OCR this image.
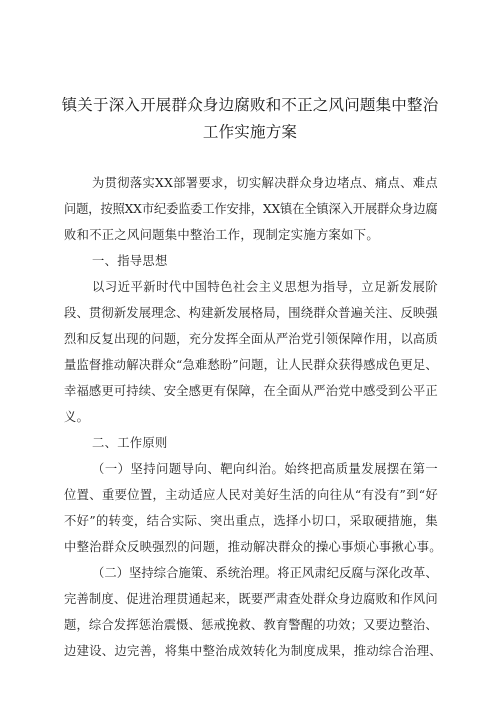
镇关于深入开展群众身边腐败和不正之风问题集中整治
工作实施方案
为贯彻落实XX部署要求，切实解决群众身边堵点、痛点、难点
问题，按照XX市纪委监委工作安排，XX镇在全镇深入开展群众身边腐
败和不正之风问题集中整治工作，现制定实施方案如下。
一、指导思想
以习近平新时代中国特色社会主义思想为指导，立足新发展阶
段、贯彻新发展理念、构建新发展格局，围绕群众普遍关注、反映强
烈和反复出现的问题，充分发挥全面从严治党引领保障作用，以高质
量监督推动解决群众“急难愁盼”问题，让人民群众获得感成色更足、
幸福感更可持续、安全感更有保障，在全面从严治党中感受到公平正
义。
二、工作原则
（一）坚持问题导向、靶向纠治。始终把高质量发展摆在第一
位置、重要位置，主动适应人民对美好生活的向往从“有没有”到“好
不好”的转变，结合实际、突出重点，选择小切口，采取硬措施，集
中整治群众反映强烈的问题，推动解决群众的操心事烦心事揪心事。
（二）坚持综合施策、系统治理。将正风肃纪反腐与深化改革、
完善制度、促进治理贯通起来，既要严肃查处群众身边腐败和作风问
题，综合发挥惩治震慑、惩戒挽救、教育警醒的功效；又要边整治、
边建设、边完善，将集中整治成效转化为制度成果，推动综合治理、
